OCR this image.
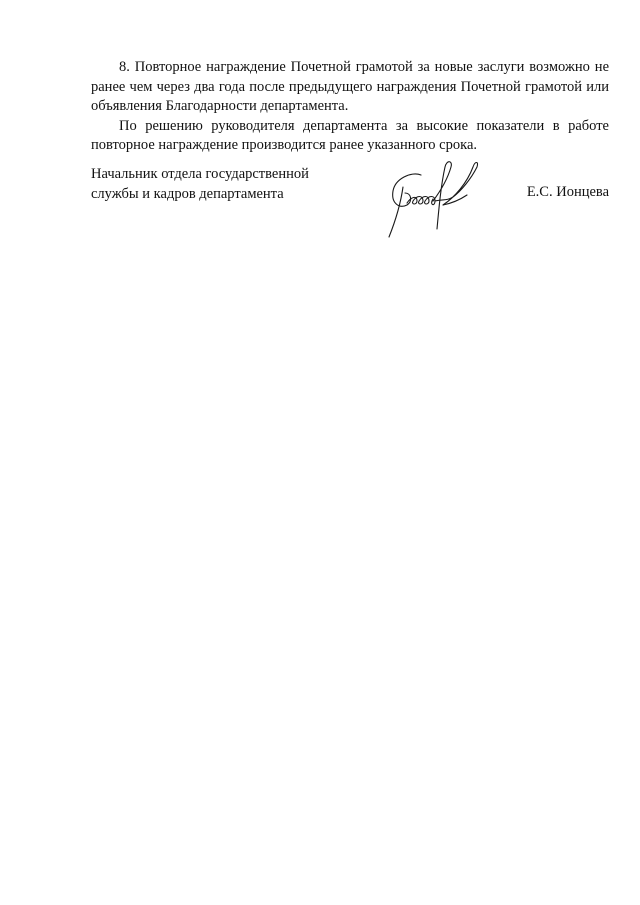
8. Повторное награждение Почетной грамотой за новые заслуги возможно не ранее чем через два года после предыдущего награждения Почетной грамотой или объявления Благодарности департамента.

По решению руководителя департамента за высокие показатели в работе повторное награждение производится ранее указанного срока.

Начальник отдела государственной
службы и кадров департамента	Е.С. Ионцева
